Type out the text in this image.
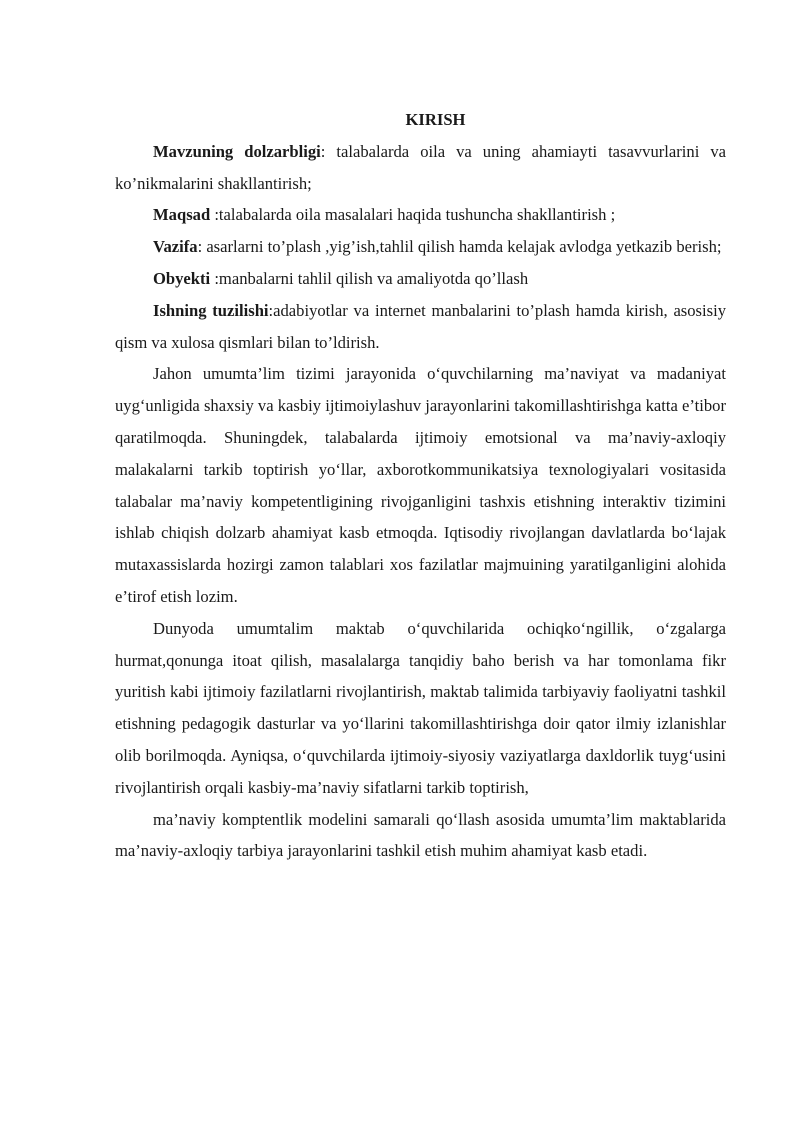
KIRISH

Mavzuning dolzarbligi: talabalarda oila va uning ahamiayti tasavvurlarini va ko’nikmalarini shakllantirish;

Maqsad :talabalarda oila masalalari haqida tushuncha shakllantirish ;

Vazifa: asarlarni to’plash ,yig’ish,tahlil qilish hamda kelajak avlodga yetkazib berish;

Obyekti :manbalarni tahlil qilish va amaliyotda qo’llash

Ishning tuzilishi:adabiyotlar va internet manbalarini to’plash hamda kirish, asosisiy qism va xulosa qismlari bilan to’ldirish.

Jahon umumta’lim tizimi jarayonida o‘quvchilarning ma’naviyat va madaniyat uyg‘unligida shaxsiy va kasbiy ijtimoiylashuv jarayonlarini takomillashtirishga katta e’tibor qaratilmoqda. Shuningdek, talabalarda ijtimoiy emotsional va ma’naviy-axloqiy malakalarni tarkib toptirish yo‘llar, axborotkommunikatsiya texnologiyalari vositasida talabalar ma’naviy kompetentligining rivojganligini tashxis etishning interaktiv tizimini ishlab chiqish dolzarb ahamiyat kasb etmoqda. Iqtisodiy rivojlangan davlatlarda bo‘lajak mutaxassislarda hozirgi zamon talablari xos fazilatlar majmuining yaratilganligini alohida e’tirof etish lozim.

Dunyoda umumtalim maktab o‘quvchilarida ochiqko‘ngillik, o‘zgalarga hurmat,qonunga itoat qilish, masalalarga tanqidiy baho berish va har tomonlama fikr yuritish kabi ijtimoiy fazilatlarni rivojlantirish, maktab talimida tarbiyaviy faoliyatni tashkil etishning pedagogik dasturlar va yo‘llarini takomillashtirishga doir qator ilmiy izlanishlar olib borilmoqda. Ayniqsa, o‘quvchilarda ijtimoiy-siyosiy vaziyatlarga daxldorlik tuyg‘usini rivojlantirish orqali kasbiy-ma’naviy sifatlarni tarkib toptirish,

ma’naviy komptentlik modelini samarali qo‘llash asosida umumta’lim maktablarida ma’naviy-axloqiy tarbiya jarayonlarini tashkil etish muhim ahamiyat kasb etadi.
